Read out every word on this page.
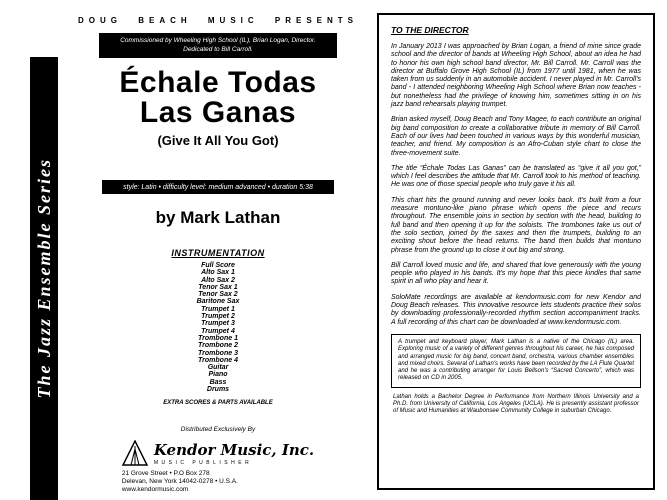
The Jazz Ensemble Series
DOUG BEACH MUSIC PRESENTS
Commissioned by Wheeling High School (IL), Brian Logan, Director.
Dedicated to Bill Carroll.
Échale Todas
Las Ganas
(Give It All You Got)
style: Latin • difficulty level: medium advanced • duration 5:38
by Mark Lathan
INSTRUMENTATION
Full Score
Alto Sax 1
Alto Sax 2
Tenor Sax 1
Tenor Sax 2
Baritone Sax
Trumpet 1
Trumpet 2
Trumpet 3
Trumpet 4
Trombone 1
Trombone 2
Trombone 3
Trombone 4
Guitar
Piano
Bass
Drums
EXTRA SCORES & PARTS AVAILABLE
Distributed Exclusively By
Kendor Music, Inc.
MUSIC PUBLISHER
21 Grove Street • P.O Box 278
Delevan, New York 14042-0278 • U.S.A.
www.kendormusic.com
TO THE DIRECTOR
In January 2013 I was approached by Brian Logan, a friend of mine since grade school and the director of bands at Wheeling High School, about an idea he had to honor his own high school band director, Mr. Bill Carroll. Mr. Carroll was the director at Buffalo Grove High School (IL) from 1977 until 1981, when he was taken from us suddenly in an automobile accident. I never played in Mr. Carroll's band - I attended neighboring Wheeling High School where Brian now teaches - but nonetheless had the privilege of knowing him, sometimes sitting in on his jazz band rehearsals playing trumpet.
Brian asked myself, Doug Beach and Tony Magee, to each contribute an original big band composition to create a collaborative tribute in memory of Bill Carroll. Each of our lives had been touched in various ways by this wonderful musician, teacher, and friend. My composition is an Afro-Cuban style chart to close the three-movement suite.
The title “Échale Todas Las Ganas” can be translated as “give it all you got,” which I feel describes the attitude that Mr. Carroll took to his method of teaching. He was one of those special people who truly gave it his all.
This chart hits the ground running and never looks back. It's built from a four measure montuno-like piano phrase which opens the piece and recurs throughout. The ensemble joins in section by section with the head, building to full band and then opening it up for the soloists. The trombones take us out of the solo section, joined by the saxes and then the trumpets, building to an exciting shout before the head returns. The band then builds that montuno phrase from the ground up to close it out big and strong.
Bill Carroll loved music and life, and shared that love generously with the young people who played in his bands. It's my hope that this piece kindles that same spirit in all who play and hear it.
SoloMate recordings are available at kendormusic.com for new Kendor and Doug Beach releases. This innovative resource lets students practice their solos by downloading professionally-recorded rhythm section accompaniment tracks. A full recording of this chart can be downloaded at www.kendormusic.com.
A trumpet and keyboard player, Mark Lathan is a native of the Chicago (IL) area. Exploring music of a variety of different genres throughout his career, he has composed and arranged music for big band, concert band, orchestra, various chamber ensembles and mixed choirs. Several of Lathan's works have been recorded by the LA Flute Quartet and he was a contributing arranger for Louis Bellson's “Sacred Concerto”, which was released on CD in 2005.
Lathan holds a Bachelor Degree in Performance from Northern Illinois University and a Ph.D. from University of California, Los Angeles (UCLA). He is presently assistant professor of Music and Humanities at Waubonsee Community College in suburban Chicago.
